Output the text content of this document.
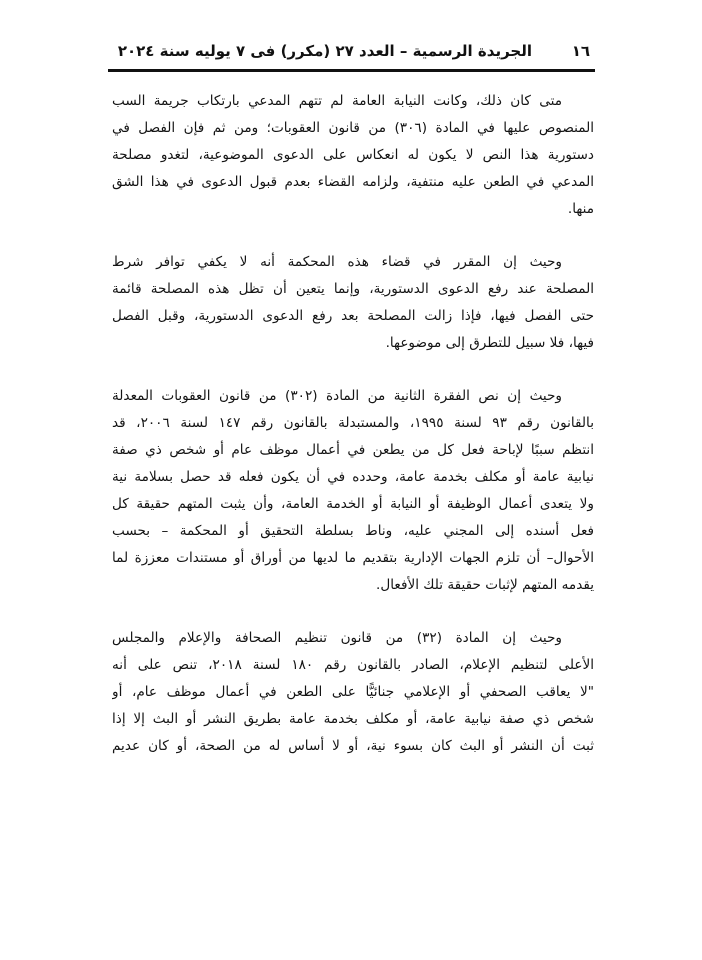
١٦
الجريدة الرسمية – العدد ٢٧ (مكرر) فى ٧ يوليه سنة ٢٠٢٤
متى كان ذلك، وكانت النيابة العامة لم تتهم المدعي بارتكاب جريمة السب
المنصوص عليها في المادة (٣٠٦) من قانون العقوبات؛ ومن ثم فإن الفصل في
دستورية هذا النص لا يكون له انعكاس على الدعوى الموضوعية، لتغدو مصلحة
المدعي في الطعن عليه منتفية، ولزامه القضاء بعدم قبول الدعوى في هذا الشق
منها.
وحيث إن المقرر في قضاء هذه المحكمة أنه لا يكفي توافر شرط
المصلحة عند رفع الدعوى الدستورية، وإنما يتعين أن تظل هذه المصلحة قائمة
حتى الفصل فيها، فإذا زالت المصلحة بعد رفع الدعوى الدستورية، وقبل الفصل
فيها، فلا سبيل للتطرق إلى موضوعها.
وحيث إن نص الفقرة الثانية من المادة (٣٠٢) من قانون العقوبات المعدلة
بالقانون رقم ٩٣ لسنة ١٩٩٥، والمستبدلة بالقانون رقم ١٤٧ لسنة ٢٠٠٦، قد
انتظم سببًا لإباحة فعل كل من يطعن في أعمال موظف عام أو شخص ذي صفة
نيابية عامة أو مكلف بخدمة عامة، وحدده في أن يكون فعله قد حصل بسلامة نية
ولا يتعدى أعمال الوظيفة أو النيابة أو الخدمة العامة، وأن يثبت المتهم حقيقة كل
فعل أسنده إلى المجني عليه، وناط بسلطة التحقيق أو المحكمة – بحسب
الأحوال– أن تلزم الجهات الإدارية بتقديم ما لديها من أوراق أو مستندات معززة لما
يقدمه المتهم لإثبات حقيقة تلك الأفعال.
وحيث إن المادة (٣٢) من قانون تنظيم الصحافة والإعلام والمجلس
الأعلى لتنظيم الإعلام، الصادر بالقانون رقم ١٨٠ لسنة ٢٠١٨، تنص على أنه
"لا يعاقب الصحفي أو الإعلامي جنائيًّا على الطعن في أعمال موظف عام، أو
شخص ذي صفة نيابية عامة، أو مكلف بخدمة عامة بطريق النشر أو البث إلا إذا
ثبت أن النشر أو البث كان بسوء نية، أو لا أساس له من الصحة، أو كان عديم
